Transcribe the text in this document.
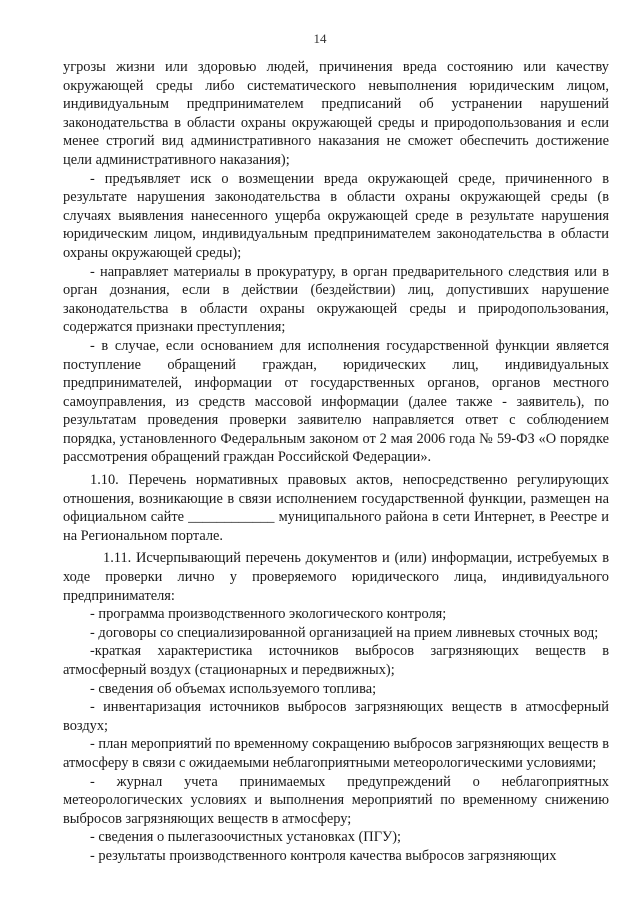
14

угрозы жизни или здоровью людей, причинения вреда состоянию или качеству окружающей среды либо систематического невыполнения юридическим лицом, индивидуальным предпринимателем предписаний об устранении нарушений законодательства в области охраны окружающей среды и природопользования и если менее строгий вид административного наказания не сможет обеспечить достижение цели административного наказания);

- предъявляет иск о возмещении вреда окружающей среде, причиненного в результате нарушения законодательства в области охраны окружающей среды (в случаях выявления нанесенного ущерба окружающей среде в результате нарушения юридическим лицом, индивидуальным предпринимателем законодательства в области охраны окружающей среды);

- направляет материалы в прокуратуру, в орган предварительного следствия или в орган дознания, если в действии (бездействии) лиц, допустивших нарушение законодательства в области охраны окружающей среды и природопользования, содержатся признаки преступления;

- в случае, если основанием для исполнения государственной функции является поступление обращений граждан, юридических лиц, индивидуальных предпринимателей, информации от государственных органов, органов местного самоуправления, из средств массовой информации (далее также - заявитель), по результатам проведения проверки заявителю направляется ответ с соблюдением порядка, установленного Федеральным законом от 2 мая 2006 года № 59-ФЗ «О порядке рассмотрения обращений граждан Российской Федерации».

1.10. Перечень нормативных правовых актов, непосредственно регулирующих отношения, возникающие в связи исполнением государственной функции, размещен на официальном сайте ____________ муниципального района в сети Интернет, в Реестре и на Региональном портале.

1.11. Исчерпывающий перечень документов и (или) информации, истребуемых в ходе проверки лично у проверяемого юридического лица, индивидуального предпринимателя:

- программа производственного экологического контроля;

- договоры со специализированной организацией на прием ливневых сточных вод;

-краткая характеристика источников выбросов загрязняющих веществ в атмосферный воздух (стационарных и передвижных);

- сведения об объемах используемого топлива;

- инвентаризация источников выбросов загрязняющих веществ в атмосферный воздух;

- план мероприятий по временному сокращению выбросов загрязняющих веществ в атмосферу в связи с ожидаемыми неблагоприятными метеорологическими условиями;

- журнал учета принимаемых предупреждений о неблагоприятных метеорологических условиях и выполнения мероприятий по временному снижению выбросов загрязняющих веществ в атмосферу;

- сведения о пылегазоочистных установках (ПГУ);

- результаты производственного контроля качества выбросов загрязняющих
